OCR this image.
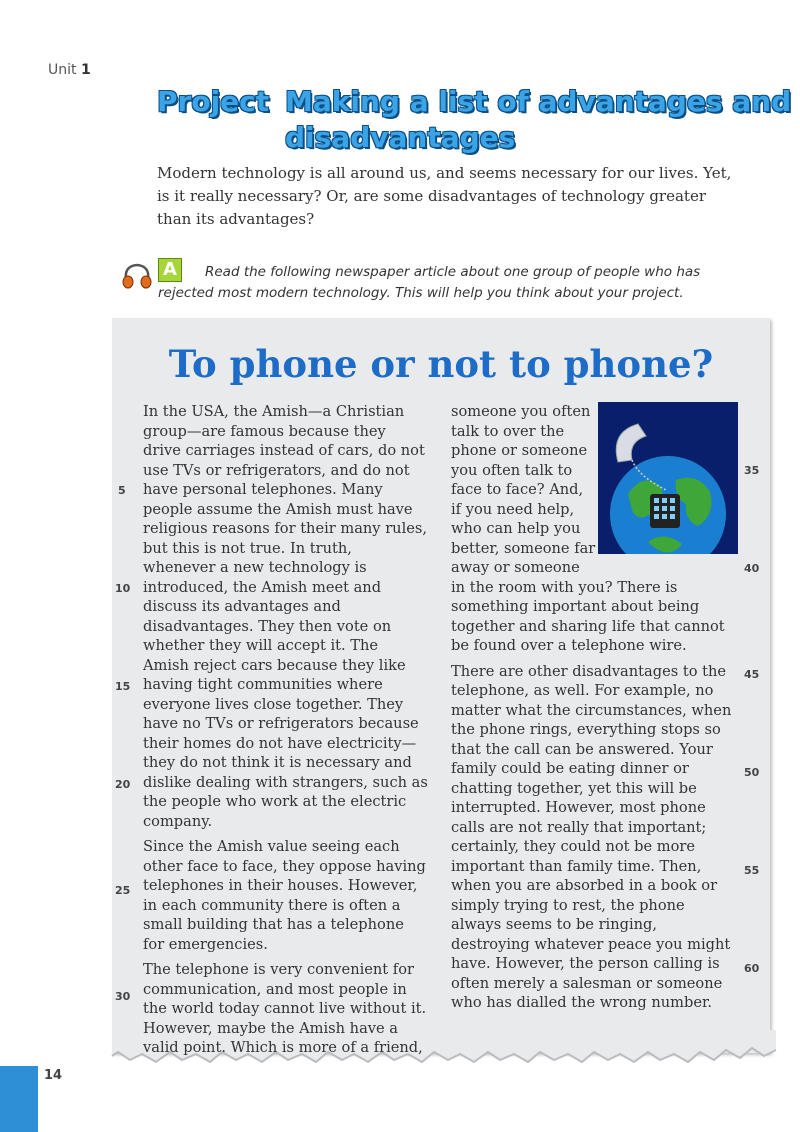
Unit 1
Project Making a list of advantages and
disadvantages
Modern technology is all around us, and seems necessary for our lives. Yet, is it really necessary? Or, are some disadvantages of technology greater than its advantages?
A	Read the following newspaper article about one group of people who has rejected most modern technology. This will help you think about your project.
To phone or not to phone?

In the USA, the Amish—a Christian group—are famous because they drive carriages instead of cars, do not use TVs or refrigerators, and do not have personal telephones. Many people assume the Amish must have religious reasons for their many rules, but this is not true. In truth, whenever a new technology is introduced, the Amish meet and discuss its advantages and disadvantages. They then vote on whether they will accept it. The Amish reject cars because they like having tight communities where everyone lives close together. They have no TVs or refrigerators because their homes do not have electricity—they do not think it is necessary and dislike dealing with strangers, such as the people who work at the electric company.

Since the Amish value seeing each other face to face, they oppose having telephones in their houses. However, in each community there is often a small building that has a telephone for emergencies.

The telephone is very convenient for communication, and most people in the world today cannot live without it. However, maybe the Amish have a valid point. Which is more of a friend,

someone you often talk to over the phone or someone you often talk to face to face? And, if you need help, who can help you better, someone far away or someone in the room with you? There is something important about being together and sharing life that cannot be found over a telephone wire.

There are other disadvantages to the telephone, as well. For example, no matter what the circumstances, when the phone rings, everything stops so that the call can be answered. Your family could be eating dinner or chatting together, yet this will be interrupted. However, most phone calls are not really that important; certainly, they could not be more important than family time. Then, when you are absorbed in a book or simply trying to rest, the phone always seems to be ringing, destroying whatever peace you might have. However, the person calling is often merely a salesman or someone who has dialled the wrong number.

5
10
15
20
25
30
35
40
45
50
55
60
14
